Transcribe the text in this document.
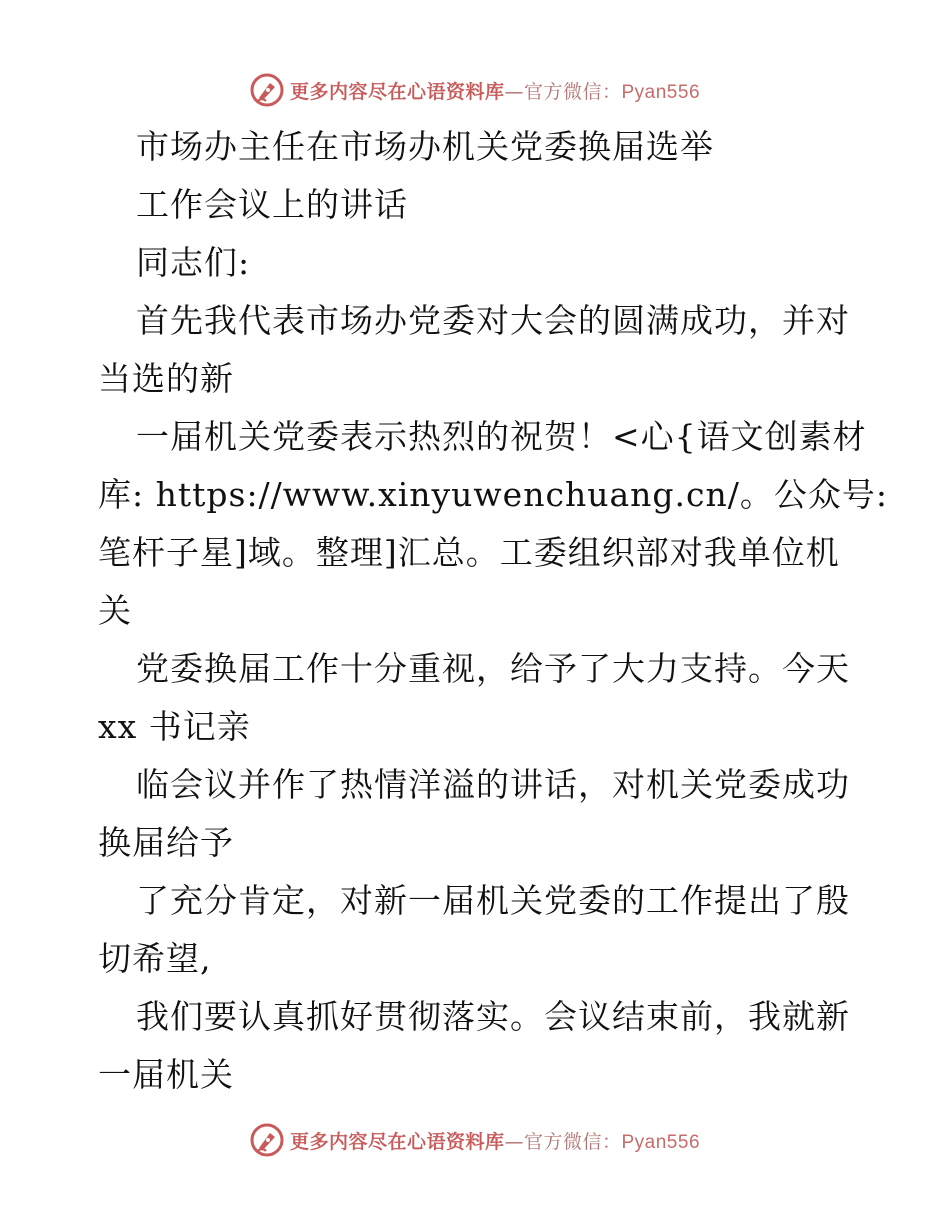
更多内容尽在心语资料库—官方微信：Pyan556
市场办主任在市场办机关党委换届选举
工作会议上的讲话
同志们:
首先我代表市场办党委对大会的圆满成功，并对
当选的新
一届机关党委表示热烈的祝贺！<心{语文创素材
库: https://www.xinyuwenchuang.cn/。公众号:
笔杆子星]域。整理]汇总。工委组织部对我单位机
关
党委换届工作十分重视，给予了大力支持。今天
xx 书记亲
临会议并作了热情洋溢的讲话，对机关党委成功
换届给予
了充分肯定，对新一届机关党委的工作提出了殷
切希望,
我们要认真抓好贯彻落实。会议结束前，我就新
一届机关
更多内容尽在心语资料库—官方微信：Pyan556
